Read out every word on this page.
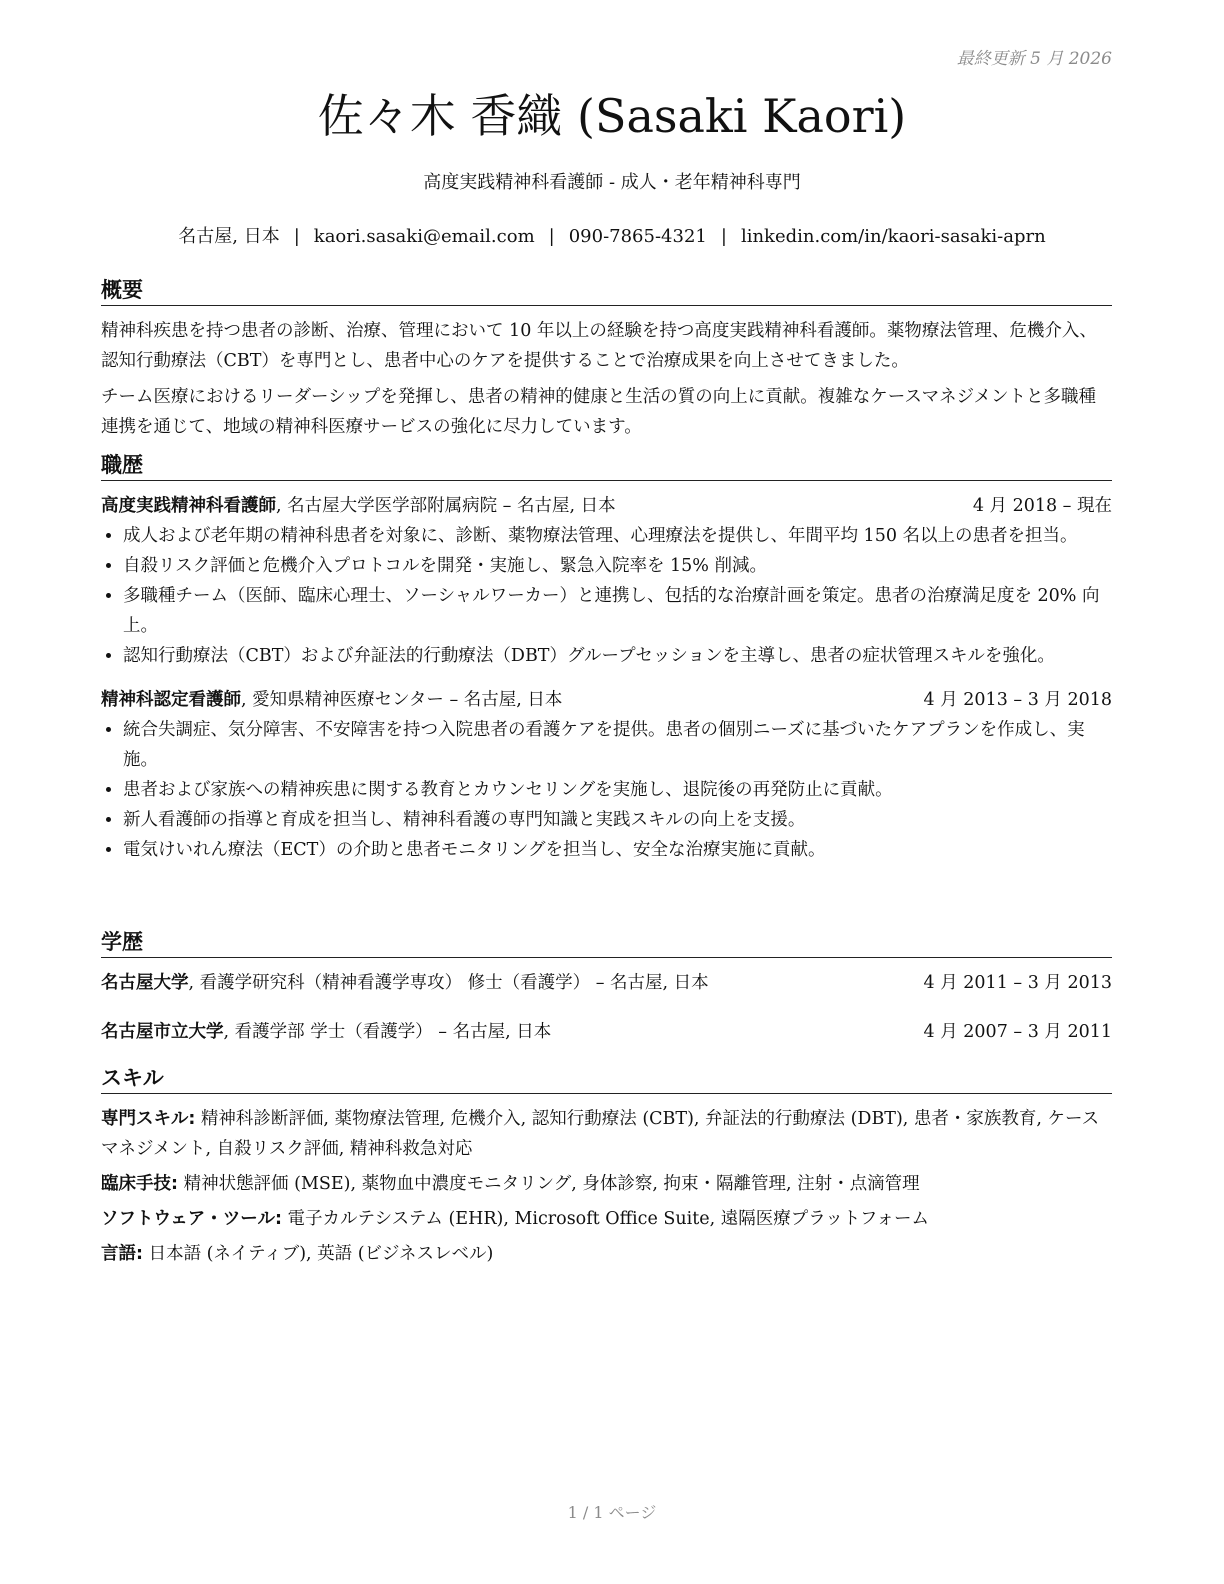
最終更新 5 月 2026
佐々木 香織 (Sasaki Kaori)
高度実践精神科看護師 - 成人・老年精神科専門
名古屋, 日本 | kaori.sasaki@email.com | 090-7865-4321 | linkedin.com/in/kaori-sasaki-aprn
概要

精神科疾患を持つ患者の診断、治療、管理において 10 年以上の経験を持つ高度実践精神科看護師。薬物療法管理、危機介入、認知行動療法（CBT）を専門とし、患者中心のケアを提供することで治療成果を向上させてきました。

チーム医療におけるリーダーシップを発揮し、患者の精神的健康と生活の質の向上に貢献。複雑なケースマネジメントと多職種連携を通じて、地域の精神科医療サービスの強化に尽力しています。

職歴
高度実践精神科看護師, 名古屋大学医学部附属病院 – 名古屋, 日本	4 月 2018 – 現在
• 成人および老年期の精神科患者を対象に、診断、薬物療法管理、心理療法を提供し、年間平均 150 名以上の患者を担当。
• 自殺リスク評価と危機介入プロトコルを開発・実施し、緊急入院率を 15% 削減。
• 多職種チーム（医師、臨床心理士、ソーシャルワーカー）と連携し、包括的な治療計画を策定。患者の治療満足度を 20% 向上。
• 認知行動療法（CBT）および弁証法的行動療法（DBT）グループセッションを主導し、患者の症状管理スキルを強化。
精神科認定看護師, 愛知県精神医療センター – 名古屋, 日本	4 月 2013 – 3 月 2018
• 統合失調症、気分障害、不安障害を持つ入院患者の看護ケアを提供。患者の個別ニーズに基づいたケアプランを作成し、実施。
• 患者および家族への精神疾患に関する教育とカウンセリングを実施し、退院後の再発防止に貢献。
• 新人看護師の指導と育成を担当し、精神科看護の専門知識と実践スキルの向上を支援。
• 電気けいれん療法（ECT）の介助と患者モニタリングを担当し、安全な治療実施に貢献。
学歴
名古屋大学, 看護学研究科（精神看護学専攻） 修士（看護学） – 名古屋, 日本	4 月 2011 – 3 月 2013
名古屋市立大学, 看護学部 学士（看護学） – 名古屋, 日本	4 月 2007 – 3 月 2011
スキル
専門スキル: 精神科診断評価, 薬物療法管理, 危機介入, 認知行動療法 (CBT), 弁証法的行動療法 (DBT), 患者・家族教育, ケースマネジメント, 自殺リスク評価, 精神科救急対応
臨床手技: 精神状態評価 (MSE), 薬物血中濃度モニタリング, 身体診察, 拘束・隔離管理, 注射・点滴管理
ソフトウェア・ツール: 電子カルテシステム (EHR), Microsoft Office Suite, 遠隔医療プラットフォーム
言語: 日本語 (ネイティブ), 英語 (ビジネスレベル)
1 / 1 ページ
